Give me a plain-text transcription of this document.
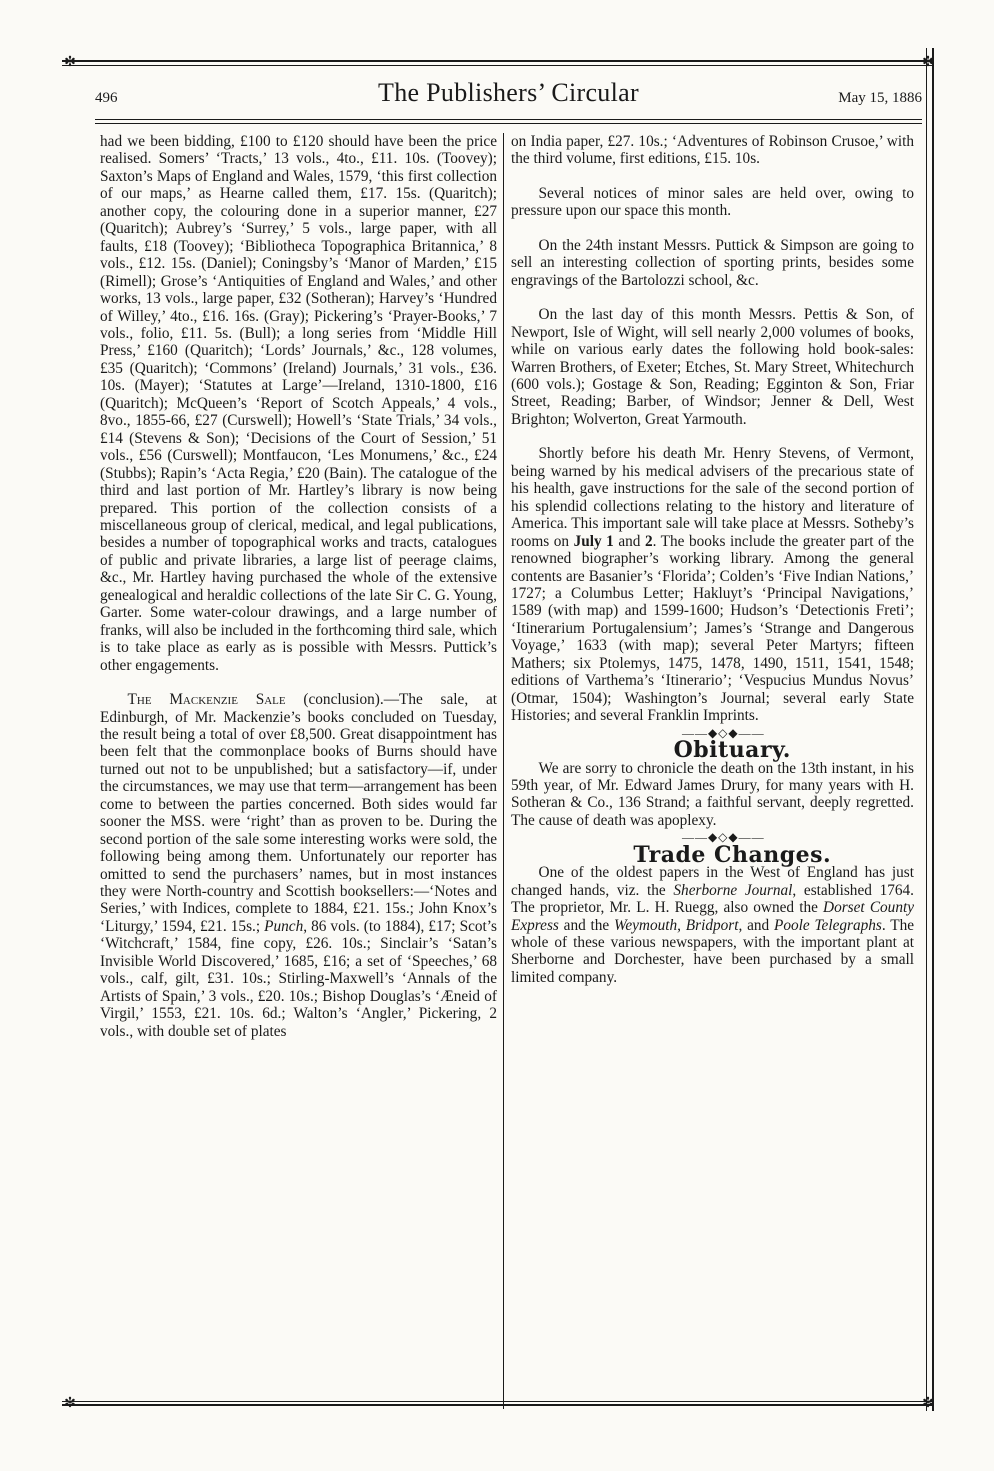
✻	✻
✻	✻
496	The Publishers’ Circular	May 15, 1886

had we been bidding, £100 to £120 should have been the price realised. Somers’ ‘Tracts,’ 13 vols., 4to., £11. 10s. (Toovey); Saxton’s Maps of England and Wales, 1579, ‘this first collection of our maps,’ as Hearne called them, £17. 15s. (Quaritch); another copy, the colouring done in a superior manner, £27 (Quaritch); Aubrey’s ‘Surrey,’ 5 vols., large paper, with all faults, £18 (Toovey); ‘Bibliotheca Topographica Britannica,’ 8 vols., £12. 15s. (Daniel); Coningsby’s ‘Manor of Marden,’ £15 (Rimell); Grose’s ‘Antiquities of England and Wales,’ and other works, 13 vols., large paper, £32 (Sotheran); Harvey’s ‘Hundred of Willey,’ 4to., £16. 16s. (Gray); Pickering’s ‘Prayer-Books,’ 7 vols., folio, £11. 5s. (Bull); a long series from ‘Middle Hill Press,’ £160 (Quaritch); ‘Lords’ Journals,’ &c., 128 volumes, £35 (Quaritch); ‘Commons’ (Ireland) Journals,’ 31 vols., £36. 10s. (Mayer); ‘Statutes at Large’—Ireland, 1310-1800, £16 (Quaritch); McQueen’s ‘Report of Scotch Appeals,’ 4 vols., 8vo., 1855-66, £27 (Curswell); Howell’s ‘State Trials,’ 34 vols., £14 (Stevens & Son); ‘Decisions of the Court of Session,’ 51 vols., £56 (Curswell); Montfaucon, ‘Les Monumens,’ &c., £24 (Stubbs); Rapin’s ‘Acta Regia,’ £20 (Bain). The catalogue of the third and last portion of Mr. Hartley’s library is now being prepared. This portion of the collection consists of a miscellaneous group of clerical, medical, and legal publications, besides a number of topographical works and tracts, catalogues of public and private libraries, a large list of peerage claims, &c., Mr. Hartley having purchased the whole of the extensive genealogical and heraldic collections of the late Sir C. G. Young, Garter. Some water-colour drawings, and a large number of franks, will also be included in the forthcoming third sale, which is to take place as early as is possible with Messrs. Puttick’s other engagements.

The Mackenzie Sale (conclusion).—The sale, at Edinburgh, of Mr. Mackenzie’s books concluded on Tuesday, the result being a total of over £8,500. Great disappointment has been felt that the commonplace books of Burns should have turned out not to be unpublished; but a satisfactory—if, under the circumstances, we may use that term—arrangement has been come to between the parties concerned. Both sides would far sooner the MSS. were ‘right’ than as proven to be. During the second portion of the sale some interesting works were sold, the following being among them. Unfortunately our reporter has omitted to send the purchasers’ names, but in most instances they were North-country and Scottish booksellers:—‘Notes and Series,’ with Indices, complete to 1884, £21. 15s.; John Knox’s ‘Liturgy,’ 1594, £21. 15s.; Punch, 86 vols. (to 1884), £17; Scot’s ‘Witchcraft,’ 1584, fine copy, £26. 10s.; Sinclair’s ‘Satan’s Invisible World Discovered,’ 1685, £16; a set of ‘Speeches,’ 68 vols., calf, gilt, £31. 10s.; Stirling-Maxwell’s ‘Annals of the Artists of Spain,’ 3 vols., £20. 10s.; Bishop Douglas’s ‘Æneid of Virgil,’ 1553, £21. 10s. 6d.; Walton’s ‘Angler,’ Pickering, 2 vols., with double set of plates

on India paper, £27. 10s.; ‘Adventures of Robinson Crusoe,’ with the third volume, first editions, £15. 10s.

Several notices of minor sales are held over, owing to pressure upon our space this month.

On the 24th instant Messrs. Puttick & Simpson are going to sell an interesting collection of sporting prints, besides some engravings of the Bartolozzi school, &c.

On the last day of this month Messrs. Pettis & Son, of Newport, Isle of Wight, will sell nearly 2,000 volumes of books, while on various early dates the following hold book-sales: Warren Brothers, of Exeter; Etches, St. Mary Street, Whitechurch (600 vols.); Gostage & Son, Reading; Egginton & Son, Friar Street, Reading; Barber, of Windsor; Jenner & Dell, West Brighton; Wolverton, Great Yarmouth.

Shortly before his death Mr. Henry Stevens, of Vermont, being warned by his medical advisers of the precarious state of his health, gave instructions for the sale of the second portion of his splendid collections relating to the history and literature of America. This important sale will take place at Messrs. Sotheby’s rooms on July 1 and 2. The books include the greater part of the renowned biographer’s working library. Among the general contents are Basanier’s ‘Florida’; Colden’s ‘Five Indian Nations,’ 1727; a Columbus Letter; Hakluyt’s ‘Principal Navigations,’ 1589 (with map) and 1599-1600; Hudson’s ‘Detectionis Freti’; ‘Itinerarium Portugalensium’; James’s ‘Strange and Dangerous Voyage,’ 1633 (with map); several Peter Martyrs; fifteen Mathers; six Ptolemys, 1475, 1478, 1490, 1511, 1541, 1548; editions of Varthema’s ‘Itinerario’; ‘Vespucius Mundus Novus’ (Otmar, 1504); Washington’s Journal; several early State Histories; and several Franklin Imprints.

——◆◇◆——

Obituary.

We are sorry to chronicle the death on the 13th instant, in his 59th year, of Mr. Edward James Drury, for many years with H. Sotheran & Co., 136 Strand; a faithful servant, deeply regretted. The cause of death was apoplexy.

——◆◇◆——

Trade Changes.

One of the oldest papers in the West of England has just changed hands, viz. the Sherborne Journal, established 1764. The proprietor, Mr. L. H. Ruegg, also owned the Dorset County Express and the Weymouth, Bridport, and Poole Telegraphs. The whole of these various newspapers, with the important plant at Sherborne and Dorchester, have been purchased by a small limited company.
